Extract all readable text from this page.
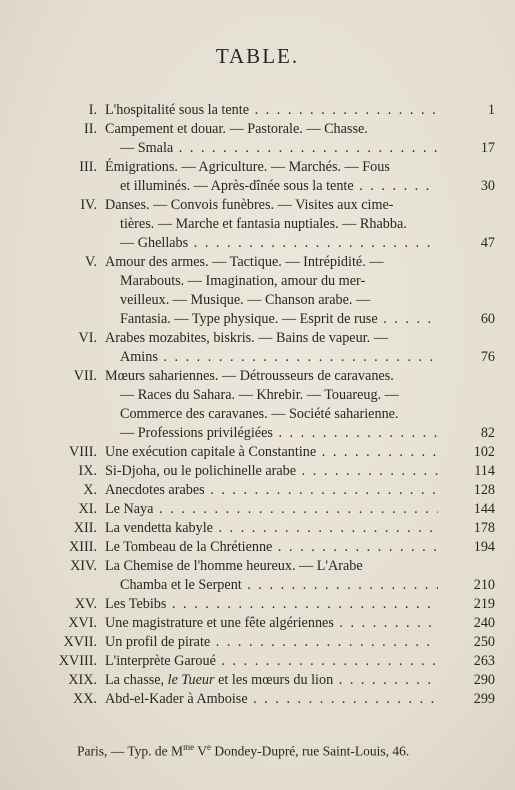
TABLE.
I. L'hospitalité sous la tente . . .	1
II. Campement et douar. — Pastorale. — Chasse.
— Smala . . .	17
III. Émigrations. — Agriculture. — Marchés. — Fous
et illuminés. — Après-dînée sous la tente . . .	30
IV. Danses. — Convois funèbres. — Visites aux cime-
tières. — Marche et fantasia nuptiales. — Rhabba.
— Ghellabs . . .	47
V. Amour des armes. — Tactique. — Intrépidité. —
Marabouts. — Imagination, amour du mer-
veilleux. — Musique. — Chanson arabe. —
Fantasia. — Type physique. — Esprit de ruse . . .	60
VI. Arabes mozabites, biskris. — Bains de vapeur. —
Amins . . .	76
VII. Mœurs sahariennes. — Détrousseurs de caravanes.
— Races du Sahara. — Khrebir. — Touareug. —
Commerce des caravanes. — Société saharienne.
— Professions privilégiées . . .	82
VIII. Une exécution capitale à Constantine . . .	102
IX. Si-Djoha, ou le polichinelle arabe . . .	114
X. Anecdotes arabes . . .	128
XI. Le Naya . . .	144
XII. La vendetta kabyle . . .	178
XIII. Le Tombeau de la Chrétienne . . .	194
XIV. La Chemise de l'homme heureux. — L'Arabe
Chamba et le Serpent . . .	210
XV. Les Tebibs . . .	219
XVI. Une magistrature et une fête algériennes . . .	240
XVII. Un profil de pirate . . .	250
XVIII. L'interprète Garoué . . .	263
XIX. La chasse, le Tueur et les mœurs du lion . . .	290
XX. Abd-el-Kader à Amboise . . .	299
Paris, — Typ. de $M^{me}$ Ve Dondey-Dupré, rue Saint-Louis, 46.
